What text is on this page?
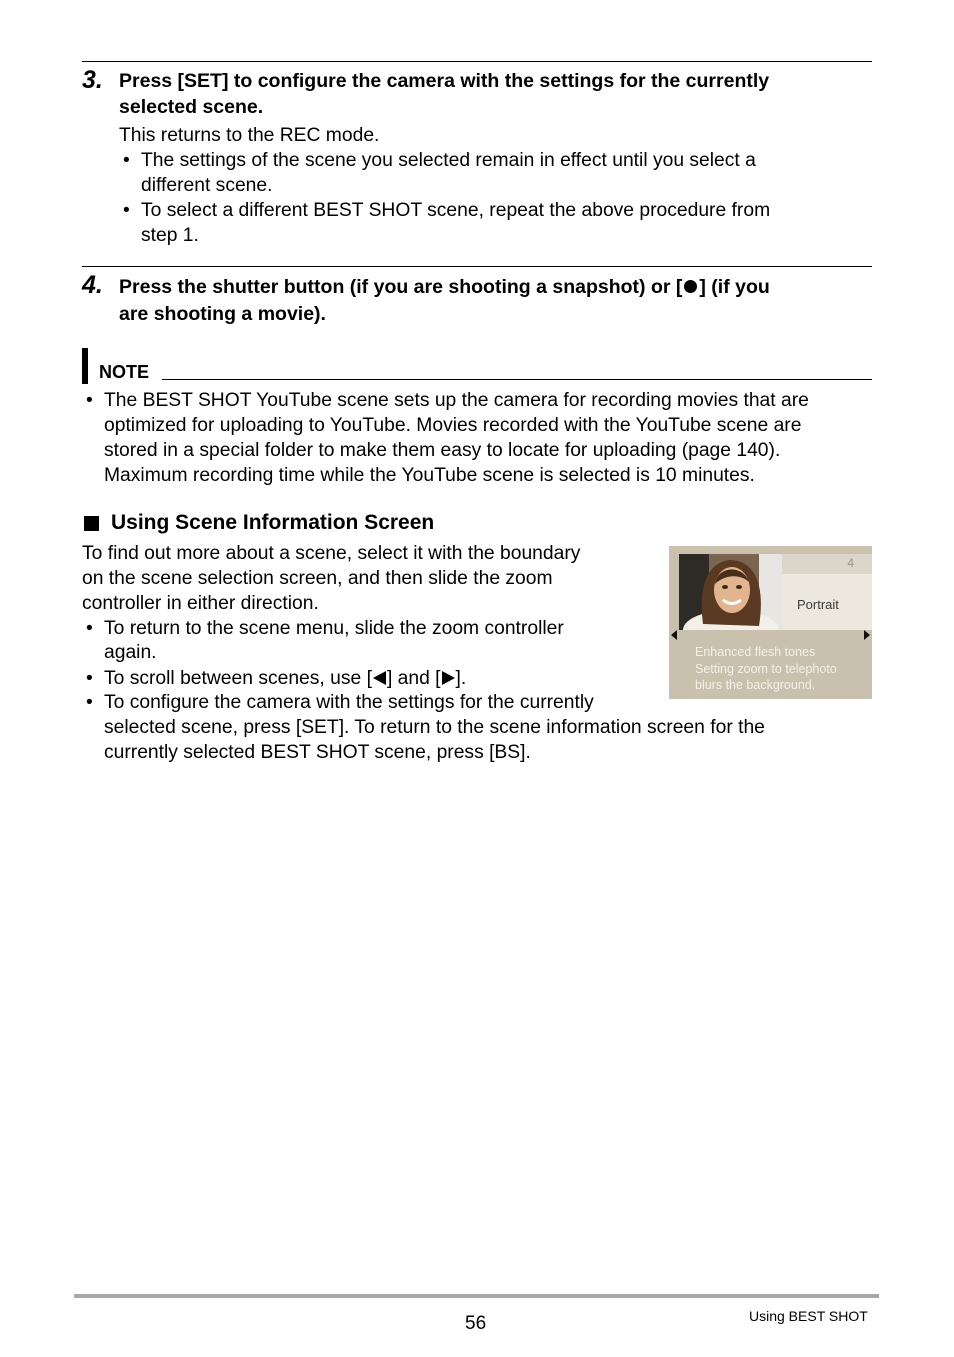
3. Press [SET] to configure the camera with the settings for the currently
selected scene.
This returns to the REC mode.
• The settings of the scene you selected remain in effect until you select a
different scene.
• To select a different BEST SHOT scene, repeat the above procedure from
step 1.
4. Press the shutter button (if you are shooting a snapshot) or [ ] (if you
are shooting a movie).
NOTE
• The BEST SHOT YouTube scene sets up the camera for recording movies that are
optimized for uploading to YouTube. Movies recorded with the YouTube scene are
stored in a special folder to make them easy to locate for uploading (page 140).
Maximum recording time while the YouTube scene is selected is 10 minutes.
Using Scene Information Screen
To find out more about a scene, select it with the boundary
on the scene selection screen, and then slide the zoom
controller in either direction.
• To return to the scene menu, slide the zoom controller
again.
• To scroll between scenes, use [ ] and [ ].
• To configure the camera with the settings for the currently
selected scene, press [SET]. To return to the scene information screen for the
currently selected BEST SHOT scene, press [BS].
4
Portrait
Enhanced flesh tones
Setting zoom to telephoto
blurs the background.
56	Using BEST SHOT
